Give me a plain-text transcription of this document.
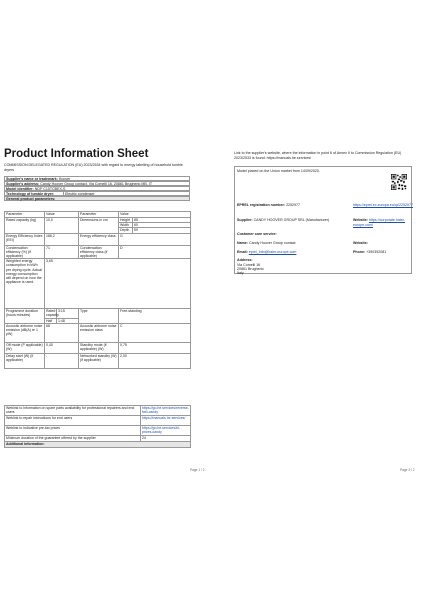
Product Information Sheet
COMMISSION DELEGATED REGULATION (EU) 2023/2534 with regard to energy labelling of household tumble dryers
Supplier's name or trademark: Hoover
Supplier's address: Candy Hoover Group contact, Via Comelli 16, 20861 Brugherio MB, IT
Model identifier: NDP C10TCBEX-S
Technology of tumble dryer:	Electric condenser
General product parameters:
Parameter	Value		Parameter	Value	
Rated capacity (kg)	10,0		Dimensions in cm	Height	85
				Width	60
				Depth	59
Energy Efficiency Index (EEI)	186,2		Energy efficiency class	G	
Condensation efficiency (%) (if applicable)	71		Condensation efficiency class (if applicable)	D	
Weighted energy consumption in kWh per drying cycle. Actual energy consumption will depend on how the appliance is used.	3,65				
Programme duration (hours:minutes)	Rated capacity	3:15	Type	Free-standing	
	Half	1:48			
Acoustic airborne noise emission (dB(A) re 1 pW)	68		Acoustic airborne noise emission class	C	
Off mode (P applicable) (W)	0,40		Standby mode (if applicable) (W)	0,75	
Delay start (W) (if applicable)	-		Networked standby (W) (if applicable)	2,00	
Weblink to information on spare parts availability for professional repairers and end users	https://go.he.services/reverse-fwd-candy
Weblink to repair instructions for end users	https://manuals.he.services/
Weblink to indicative pre-tax prices	https://go.he.services/bl-prices-candy
Minimum duration of the guarantee offered by the supplier	24
Additional information:	
Page 1 / 2
Link to the supplier's website, where the information in point 6 of Annex II to Commission Regulation (EU) 2023/2533 is found: https://manuals.he.services/
Model placed on the Union market from 14/09/2020.
EPREL registration number: 2252977	https://eprel.ec.europa.eu/qr/2252977
Supplier: CANDY HOOVER GROUP SRL (Manufacturer)	Website: https://corporate.haier-europe.com/
Customer care service:
Name: Candy Hoover Group contact	Website:
Email: eprel_info@haier-europe.com	Phone: +390392081
Address:
Via Comelli 16
20861 Brugherio
Italy
Page 2 / 2
